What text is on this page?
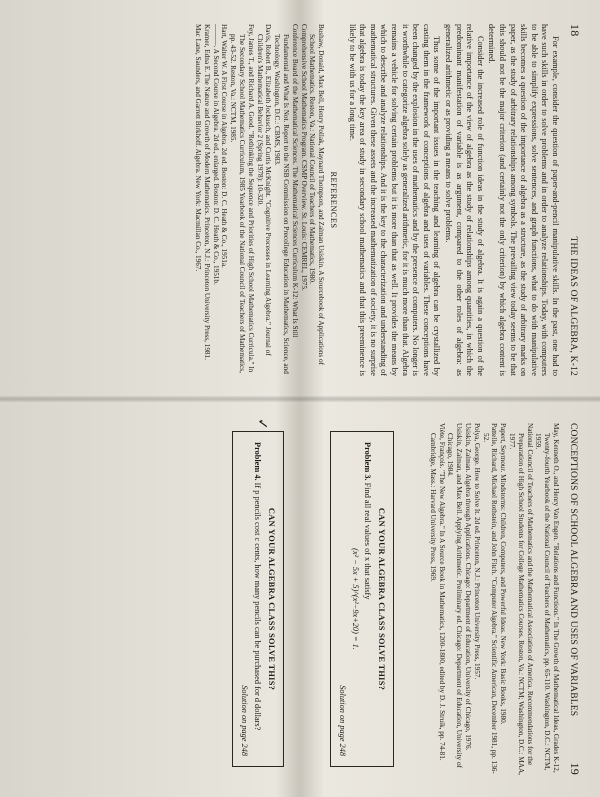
18
THE IDEAS OF ALGEBRA, K-12

For example, consider the question of paper-and-pencil manipulative skills. In the past, one had to have such skills in order to solve problems and in order to analyze relationships. Today, with computers to be able to simplify expressions, solve sentences, and graph functions, what to do with manipulative skills becomes a question of the importance of algebra as a structure, as the study of arbitrary marks on paper, as the study of arbitrary relationships among symbols. The prevailing view today seems to be that this should not be the major criterion (and certainly not the only criterion) by which algebra content is determined.

Consider the increased role of function ideas in the study of algebra. It is again a question of the relative importance of the view of algebra as the study of relationships among quantities, in which the predominant manifestation of variable is as argument, compared to the other roles of algebra: as generalized arithmetic or as providing a means to solve problems.

Thus some of the important issues in the teaching and learning of algebra can be crystallized by casting them in the framework of conceptions of algebra and uses of variables. These conceptions have been changed by the explosion in the uses of mathematics and by the presence of computers. No longer is it worthwhile to categorize algebra solely as generalized arithmetic, for it is much more than that. Algebra remains a vehicle for solving certain problems but it is more than that as well. It provides the means by which to describe and analyze relationships. And it is the key to the characterization and understanding of mathematical structures. Given these assets and the increased mathematization of society, it is no surprise that algebra is today the key area of study in secondary school mathematics and that this preeminence is likely to be with us for a long time.

REFERENCES
Bushaw, Donald, Max Bell, Henry Pollak, Maynard Thompson, and Zalman Usiskin. A Sourcebook of Applications of School Mathematics. Reston, Va.: National Council of Teachers of Mathematics, 1980.
Comprehensive School Mathematics Program. CSMP Overview. St. Louis: CEMREL, 1975.
Conference Board of the Mathematical Sciences. The Mathematical Sciences Curriculum K-12: What Is Still Fundamental and What Is Not. Report to the NSB Commission on Precollege Education in Mathematics, Science, and Technology. Washington, D.C.: CBMS, 1983.
Davis, Robert B., Elizabeth Jockusch, and Curtis McKnight. "Cognitive Processes in Learning Algebra." Journal of Children's Mathematical Behavior 2 (Spring 1978): 10-320.
Fey, James T., and Richard A. Good. "Rethinking the Sequence and Priorities of High School Mathematics Curricula." In The Secondary School Mathematics Curriculum, 1985 Yearbook of the National Council of Teachers of Mathematics, pp. 43-52. Reston, Va.: NCTM, 1985.
Hart, Walter W. A First Course in Algebra. 2d ed. Boston: D. C. Heath & Co., 1951a.
———. A Second Course in Algebra. 2d ed., enlarged. Boston: D. C. Heath & Co., 1951b.
Kramer, Edna E. The Nature and Growth of Modern Mathematics. Princeton, N.J.: Princeton University Press, 1981.
Mac Lane, Saunders, and Garrett Birkhoff. Algebra. New York: Macmillan Co., 1967.
CONCEPTIONS OF SCHOOL ALGEBRA AND USES OF VARIABLES
19
May, Kenneth O., and Henry Van Engen. "Relations and Functions." In The Growth of Mathematical Ideas, Grades K-12, Twenty-fourth Yearbook of the National Council of Teachers of Mathematics, pp. 65-110. Washington, D.C.: NCTM, 1959.
National Council of Teachers of Mathematics and the Mathematical Association of America. Recommendations for the Preparation of High School Students for College Mathematics Courses. Reston, Va.: NCTM; Washington, D.C.: MAA, 1977.
Papert, Seymour. Mindstorms: Children, Computers, and Powerful Ideas. New York: Basic Books, 1980.
Pattelle, Richard, Michael Rothstein, and John Fitch. "Computer Algebra." Scientific American, December 1981, pp. 136-52.
Polya, George. How to Solve It. 2d ed. Princeton, N.J.: Princeton University Press, 1957.
Usiskin, Zalman. Algebra through Applications. Chicago: Department of Education, University of Chicago, 1976.
Usiskin, Zalman, and Max Bell. Applying Arithmetic. Preliminary ed. Chicago: Department of Education, University of Chicago, 1984.
Viète, François. "The New Algebra." In A Source Book in Mathematics, 1200-1800, edited by D. J. Struik, pp. 74-81. Cambridge, Mass.: Harvard University Press, 1969.
CAN YOUR ALGEBRA CLASS SOLVE THIS?
Problem 3. Find all real values of x that satisfy
(x² − 5x + 5)^(x²−9x+20) = 1.
Solution on page 248
✓
CAN YOUR ALGEBRA CLASS SOLVE THIS?
Problem 4. If p pencils cost c cents, how many pencils can be purchased for d dollars?
Solution on page 248
